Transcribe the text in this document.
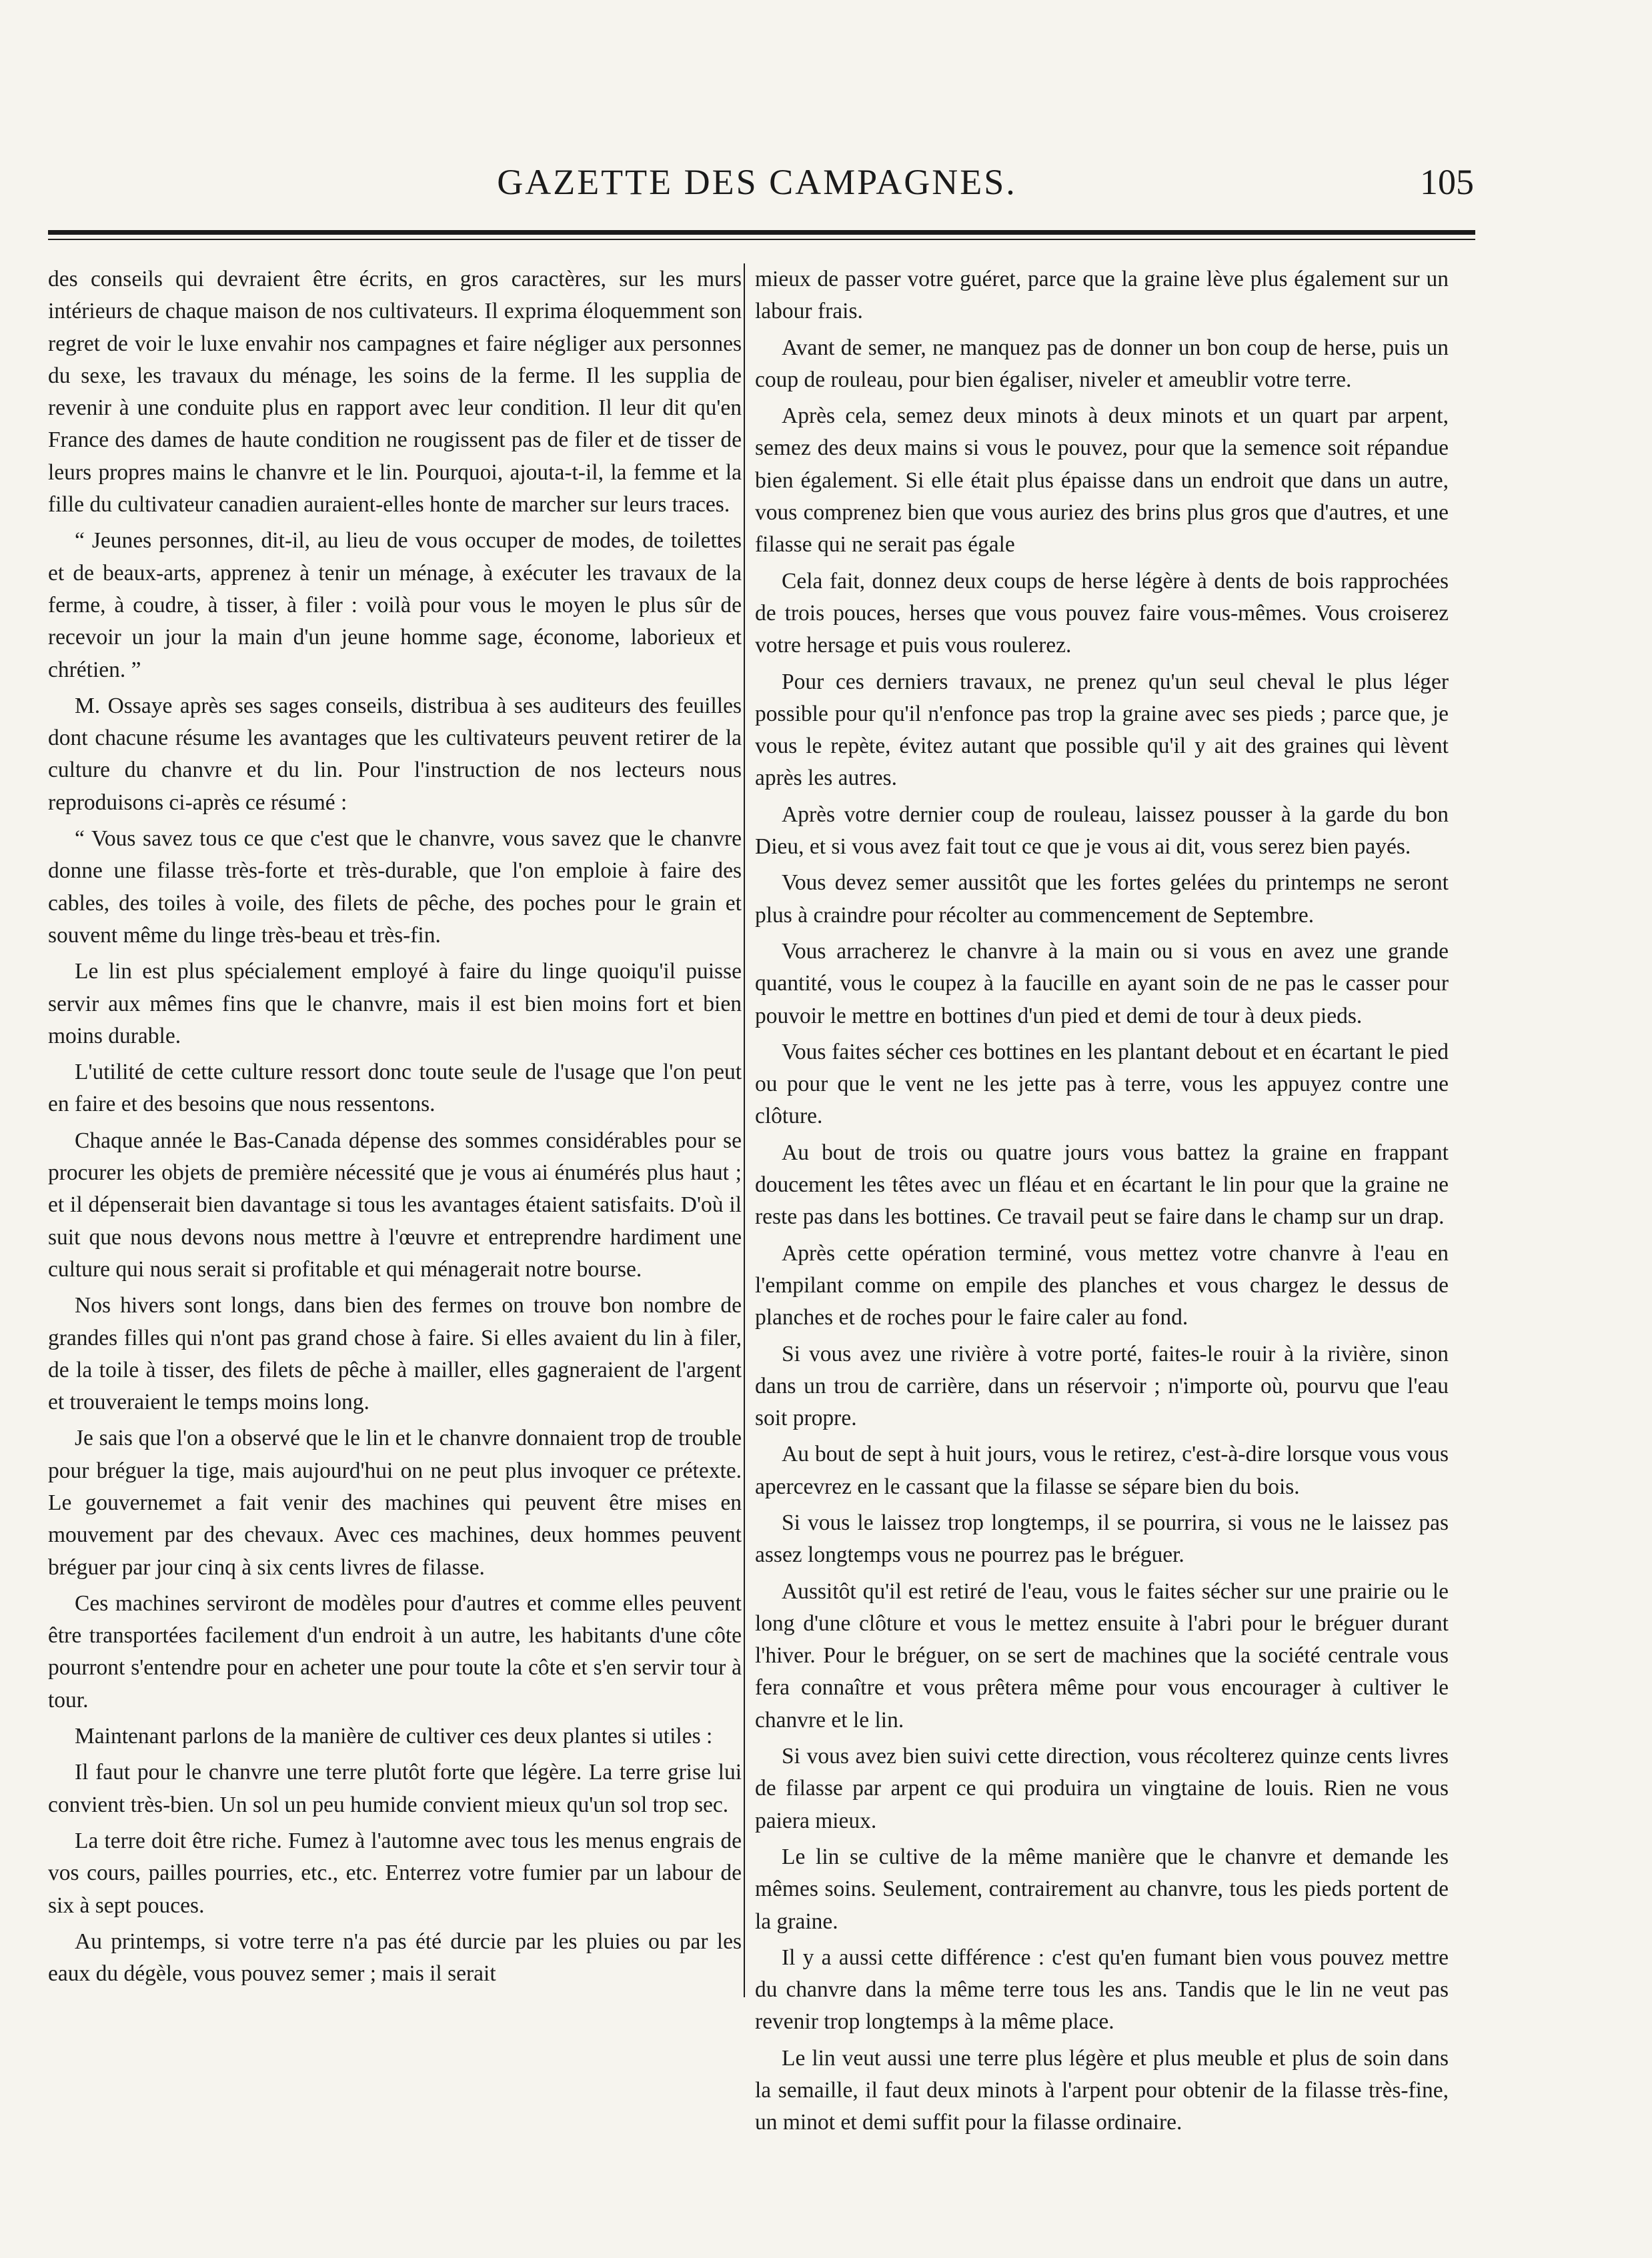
GAZETTE DES CAMPAGNES.	105

des conseils qui devraient être écrits, en gros caractères, sur les murs intérieurs de chaque maison de nos cultivateurs. Il exprima éloquemment son regret de voir le luxe envahir nos campagnes et faire négliger aux personnes du sexe, les travaux du ménage, les soins de la ferme. Il les supplia de revenir à une conduite plus en rapport avec leur condition. Il leur dit qu'en France des dames de haute condition ne rougissent pas de filer et de tisser de leurs propres mains le chanvre et le lin. Pourquoi, ajouta-t-il, la femme et la fille du cultivateur canadien auraient-elles honte de marcher sur leurs traces.

“ Jeunes personnes, dit-il, au lieu de vous occuper de modes, de toilettes et de beaux-arts, apprenez à tenir un ménage, à exécuter les travaux de la ferme, à coudre, à tisser, à filer : voilà pour vous le moyen le plus sûr de recevoir un jour la main d'un jeune homme sage, économe, laborieux et chrétien. ”

M. Ossaye après ses sages conseils, distribua à ses auditeurs des feuilles dont chacune résume les avantages que les cultivateurs peuvent retirer de la culture du chanvre et du lin. Pour l'instruction de nos lecteurs nous reproduisons ci-après ce résumé :

“ Vous savez tous ce que c'est que le chanvre, vous savez que le chanvre donne une filasse très-forte et très-durable, que l'on emploie à faire des cables, des toiles à voile, des filets de pêche, des poches pour le grain et souvent même du linge très-beau et très-fin.

Le lin est plus spécialement employé à faire du linge quoiqu'il puisse servir aux mêmes fins que le chanvre, mais il est bien moins fort et bien moins durable.

L'utilité de cette culture ressort donc toute seule de l'usage que l'on peut en faire et des besoins que nous ressentons.

Chaque année le Bas-Canada dépense des sommes considérables pour se procurer les objets de première nécessité que je vous ai énumérés plus haut ; et il dépenserait bien davantage si tous les avantages étaient satisfaits. D'où il suit que nous devons nous mettre à l'œuvre et entreprendre hardiment une culture qui nous serait si profitable et qui ménagerait notre bourse.

Nos hivers sont longs, dans bien des fermes on trouve bon nombre de grandes filles qui n'ont pas grand chose à faire. Si elles avaient du lin à filer, de la toile à tisser, des filets de pêche à mailler, elles gagneraient de l'argent et trouveraient le temps moins long.

Je sais que l'on a observé que le lin et le chanvre donnaient trop de trouble pour bréguer la tige, mais aujourd'hui on ne peut plus invoquer ce prétexte. Le gouvernemet a fait venir des machines qui peuvent être mises en mouvement par des chevaux. Avec ces machines, deux hommes peuvent bréguer par jour cinq à six cents livres de filasse.

Ces machines serviront de modèles pour d'autres et comme elles peuvent être transportées facilement d'un endroit à un autre, les habitants d'une côte pourront s'entendre pour en acheter une pour toute la côte et s'en servir tour à tour.

Maintenant parlons de la manière de cultiver ces deux plantes si utiles :

Il faut pour le chanvre une terre plutôt forte que légère. La terre grise lui convient très-bien. Un sol un peu humide convient mieux qu'un sol trop sec.

La terre doit être riche. Fumez à l'automne avec tous les menus engrais de vos cours, pailles pourries, etc., etc. Enterrez votre fumier par un labour de six à sept pouces.

Au printemps, si votre terre n'a pas été durcie par les pluies ou par les eaux du dégèle, vous pouvez semer ; mais il serait

mieux de passer votre guéret, parce que la graine lève plus également sur un labour frais.

Avant de semer, ne manquez pas de donner un bon coup de herse, puis un coup de rouleau, pour bien égaliser, niveler et ameublir votre terre.

Après cela, semez deux minots à deux minots et un quart par arpent, semez des deux mains si vous le pouvez, pour que la semence soit répandue bien également. Si elle était plus épaisse dans un endroit que dans un autre, vous comprenez bien que vous auriez des brins plus gros que d'autres, et une filasse qui ne serait pas égale

Cela fait, donnez deux coups de herse légère à dents de bois rapprochées de trois pouces, herses que vous pouvez faire vous-mêmes. Vous croiserez votre hersage et puis vous roulerez.

Pour ces derniers travaux, ne prenez qu'un seul cheval le plus léger possible pour qu'il n'enfonce pas trop la graine avec ses pieds ; parce que, je vous le repète, évitez autant que possible qu'il y ait des graines qui lèvent après les autres.

Après votre dernier coup de rouleau, laissez pousser à la garde du bon Dieu, et si vous avez fait tout ce que je vous ai dit, vous serez bien payés.

Vous devez semer aussitôt que les fortes gelées du printemps ne seront plus à craindre pour récolter au commencement de Septembre.

Vous arracherez le chanvre à la main ou si vous en avez une grande quantité, vous le coupez à la faucille en ayant soin de ne pas le casser pour pouvoir le mettre en bottines d'un pied et demi de tour à deux pieds.

Vous faites sécher ces bottines en les plantant debout et en écartant le pied ou pour que le vent ne les jette pas à terre, vous les appuyez contre une clôture.

Au bout de trois ou quatre jours vous battez la graine en frappant doucement les têtes avec un fléau et en écartant le lin pour que la graine ne reste pas dans les bottines. Ce travail peut se faire dans le champ sur un drap.

Après cette opération terminé, vous mettez votre chanvre à l'eau en l'empilant comme on empile des planches et vous chargez le dessus de planches et de roches pour le faire caler au fond.

Si vous avez une rivière à votre porté, faites-le rouir à la rivière, sinon dans un trou de carrière, dans un réservoir ; n'importe où, pourvu que l'eau soit propre.

Au bout de sept à huit jours, vous le retirez, c'est-à-dire lorsque vous vous apercevrez en le cassant que la filasse se sépare bien du bois.

Si vous le laissez trop longtemps, il se pourrira, si vous ne le laissez pas assez longtemps vous ne pourrez pas le bréguer.

Aussitôt qu'il est retiré de l'eau, vous le faites sécher sur une prairie ou le long d'une clôture et vous le mettez ensuite à l'abri pour le bréguer durant l'hiver. Pour le bréguer, on se sert de machines que la société centrale vous fera connaître et vous prêtera même pour vous encourager à cultiver le chanvre et le lin.

Si vous avez bien suivi cette direction, vous récolterez quinze cents livres de filasse par arpent ce qui produira un vingtaine de louis. Rien ne vous paiera mieux.

Le lin se cultive de la même manière que le chanvre et demande les mêmes soins. Seulement, contrairement au chanvre, tous les pieds portent de la graine.

Il y a aussi cette différence : c'est qu'en fumant bien vous pouvez mettre du chanvre dans la même terre tous les ans. Tandis que le lin ne veut pas revenir trop longtemps à la même place.

Le lin veut aussi une terre plus légère et plus meuble et plus de soin dans la semaille, il faut deux minots à l'arpent pour obtenir de la filasse très-fine, un minot et demi suffit pour la filasse ordinaire.
